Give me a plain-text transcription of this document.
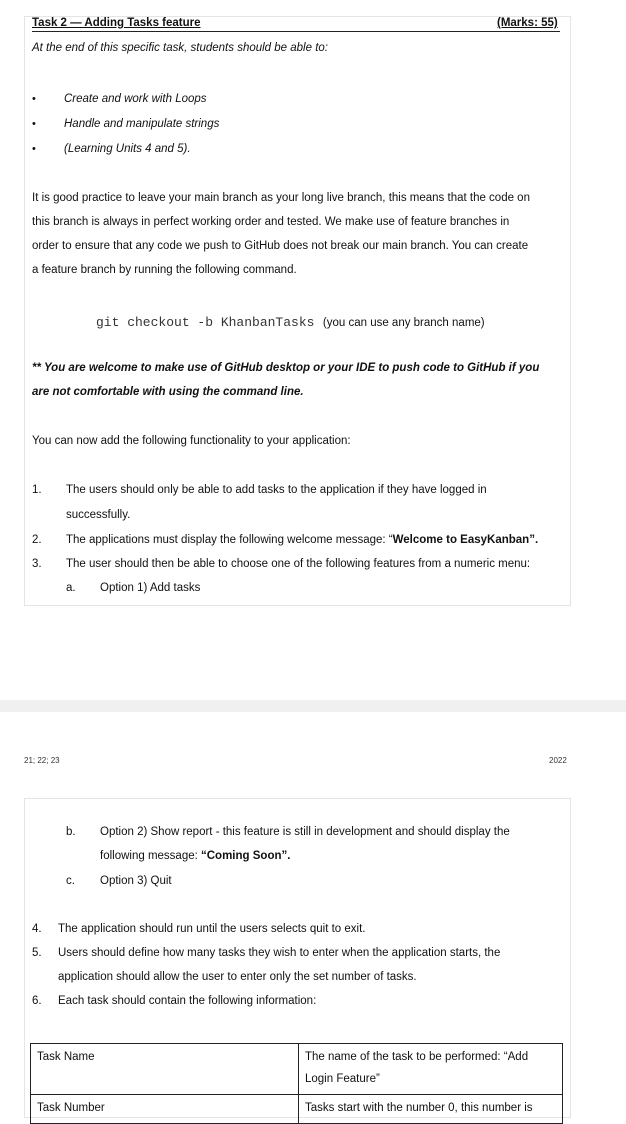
Task 2 — Adding Tasks feature	(Marks: 55)
At the end of this specific task, students should be able to:
• Create and work with Loops
• Handle and manipulate strings
• (Learning Units 4 and 5).
It is good practice to leave your main branch as your long live branch, this means that the code on
this branch is always in perfect working order and tested. We make use of feature branches in
order to ensure that any code we push to GitHub does not break our main branch. You can create
a feature branch by running the following command.
git checkout -b KhanbanTasks (you can use any branch name)
** You are welcome to make use of GitHub desktop or your IDE to push code to GitHub if you
are not comfortable with using the command line.
You can now add the following functionality to your application:
1. The users should only be able to add tasks to the application if they have logged in
successfully.
2. The applications must display the following welcome message: “Welcome to EasyKanban”.
3. The user should then be able to choose one of the following features from a numeric menu:
a. Option 1) Add tasks
21; 22; 23	2022
b. Option 2) Show report - this feature is still in development and should display the
following message: “Coming Soon”.
c. Option 3) Quit
4. The application should run until the users selects quit to exit.
5. Users should define how many tasks they wish to enter when the application starts, the
application should allow the user to enter only the set number of tasks.
6. Each task should contain the following information:
Task Name	The name of the task to be performed: “Add
Login Feature”

Task Number	Tasks start with the number 0, this number is
